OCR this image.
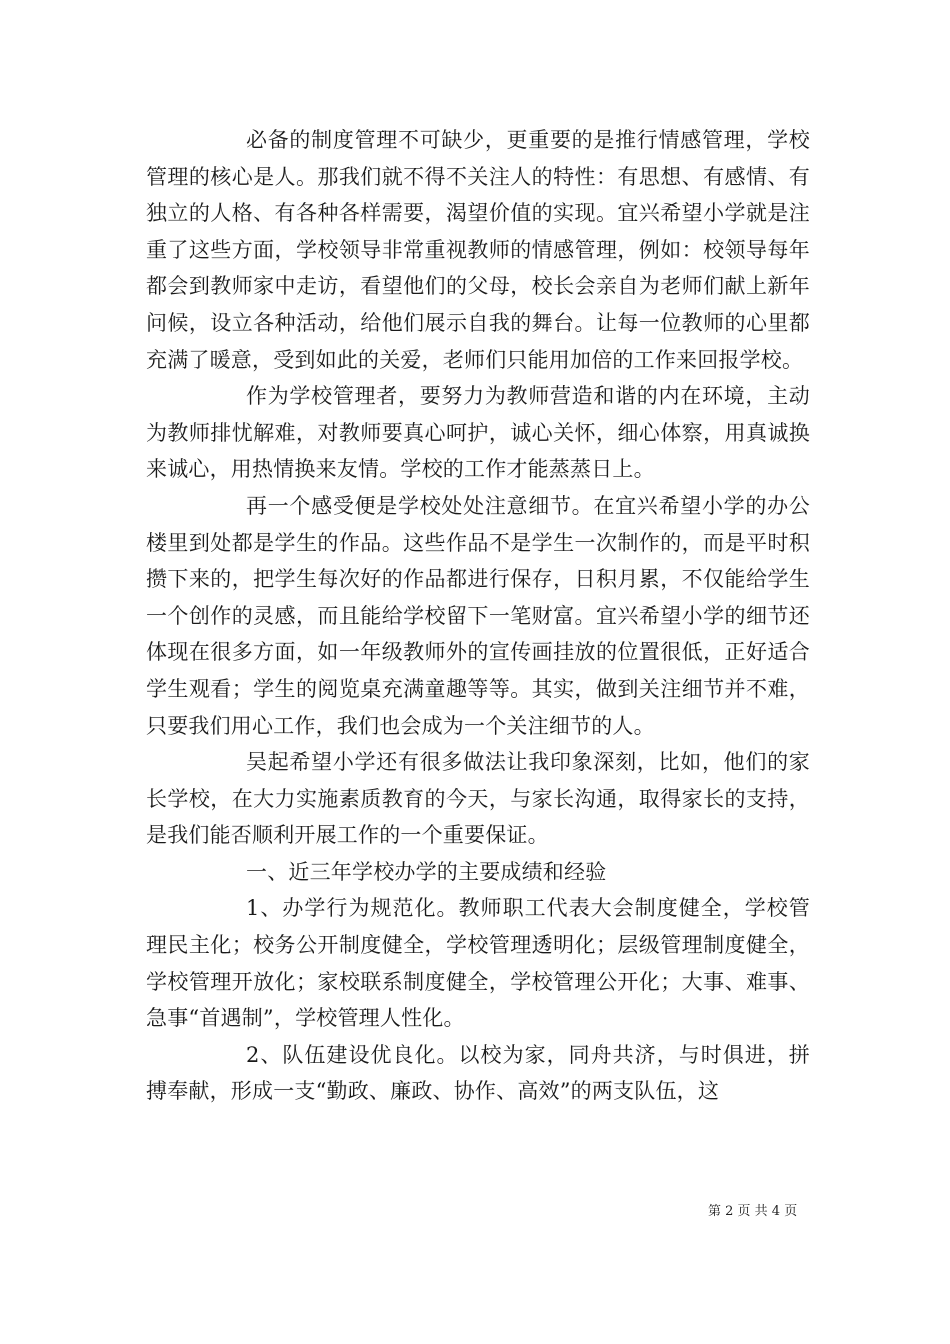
必备的制度管理不可缺少，更重要的是推行情感管理，学校管理的核心是人。那我们就不得不关注人的特性：有思想、有感情、有独立的人格、有各种各样需要，渴望价值的实现。宜兴希望小学就是注重了这些方面，学校领导非常重视教师的情感管理，例如：校领导每年都会到教师家中走访，看望他们的父母，校长会亲自为老师们献上新年问候，设立各种活动，给他们展示自我的舞台。让每一位教师的心里都充满了暖意，受到如此的关爱，老师们只能用加倍的工作来回报学校。

作为学校管理者，要努力为教师营造和谐的内在环境，主动为教师排忧解难，对教师要真心呵护，诚心关怀，细心体察，用真诚换来诚心，用热情换来友情。学校的工作才能蒸蒸日上。

再一个感受便是学校处处注意细节。在宜兴希望小学的办公楼里到处都是学生的作品。这些作品不是学生一次制作的，而是平时积攒下来的，把学生每次好的作品都进行保存，日积月累，不仅能给学生一个创作的灵感，而且能给学校留下一笔财富。宜兴希望小学的细节还体现在很多方面，如一年级教师外的宣传画挂放的位置很低，正好适合学生观看；学生的阅览桌充满童趣等等。其实，做到关注细节并不难，只要我们用心工作，我们也会成为一个关注细节的人。

吴起希望小学还有很多做法让我印象深刻，比如，他们的家长学校，在大力实施素质教育的今天，与家长沟通，取得家长的支持，是我们能否顺利开展工作的一个重要保证。

一、近三年学校办学的主要成绩和经验

1、办学行为规范化。教师职工代表大会制度健全，学校管理民主化；校务公开制度健全，学校管理透明化；层级管理制度健全，学校管理开放化；家校联系制度健全，学校管理公开化；大事、难事、急事“首遇制”，学校管理人性化。

2、队伍建设优良化。以校为家，同舟共济，与时俱进，拼搏奉献，形成一支“勤政、廉政、协作、高效”的两支队伍，这

第 2 页 共 4 页
